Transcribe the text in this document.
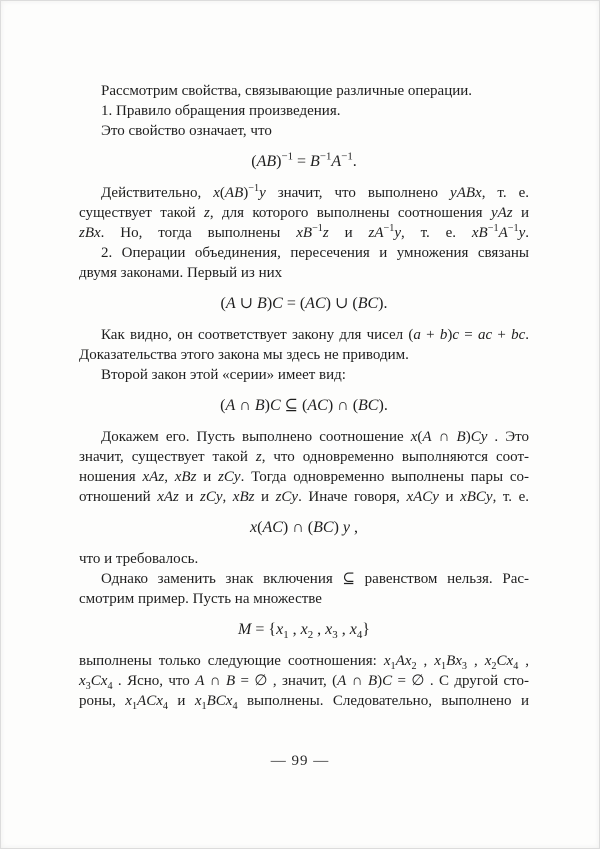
Рассмотрим свойства, связывающие различные операции.

1. Правило обращения произведения.

Это свойство означает, что

$(AB)^{-1} = B^{-1}A^{-1}$.

Действительно, x(AB)$^{-1}$y значит, что выполнено yABx, т. е.
существует такой z, для которого выполнены соотношения yAz и
zBx. Но, тогда выполнены $xB^{-1}z$ и $zA^{-1}y$, т. е. $xB^{-1}A^{-1}y$.

2. Операции объединения, пересечения и умножения связаны
двумя законами. Первый из них

(A ∪ B)C = (AC) ∪ (BC).

Как видно, он соответствует закону для чисел (a + b)c = ac + bc.
Доказательства этого закона мы здесь не приводим.

Второй закон этой «серии» имеет вид:

(A ∩ B)C ⊆ (AC) ∩ (BC).

Докажем его. Пусть выполнено соотношение x(A ∩ B)Cy . Это
значит, существует такой z, что одновременно выполняются соот-
ношения xAz, xBz и zCy. Тогда одновременно выполнены пары со-
отношений xAz и zCy, xBz и zCy. Иначе говоря, xACy и xBCy, т. е.

x(AC) ∩ (BC) y ,

что и требовалось.

Однако заменить знак включения ⊆ равенством нельзя. Рас-
смотрим пример. Пусть на множестве

$M = \{x_1$ , $x_2$ , $x_3$ , $x_4$}

выполнены только следующие соотношения: $x_1Ax_2$ , $x_1Bx_3$ , $x_2Cx_4$ ,
$x_3Cx_4$ . Ясно, что A ∩ B = ∅ , значит, (A ∩ B)C = ∅ . С другой сто-
роны, $x_1ACx_4$ и $x_1BCx_4$ выполнены. Следовательно, выполнено и

— 99 —
